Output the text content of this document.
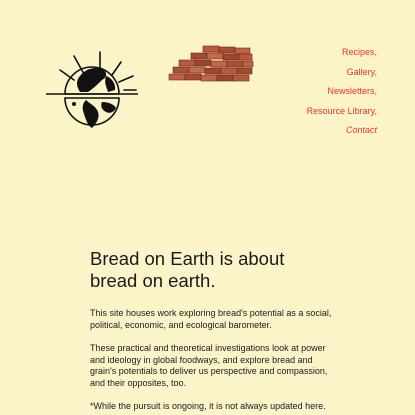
Recipes,
Gallery,
Newsletters,
Resource Library,
Contact
Bread on Earth is about
bread on earth.

This site houses work exploring bread's potential as a social, political, economic, and ecological barometer.

These practical and theoretical investigations look at power and ideology in global foodways, and explore bread and grain's potentials to deliver us perspective and compassion, and their opposites, too.

*While the pursuit is ongoing, it is not always updated here.
